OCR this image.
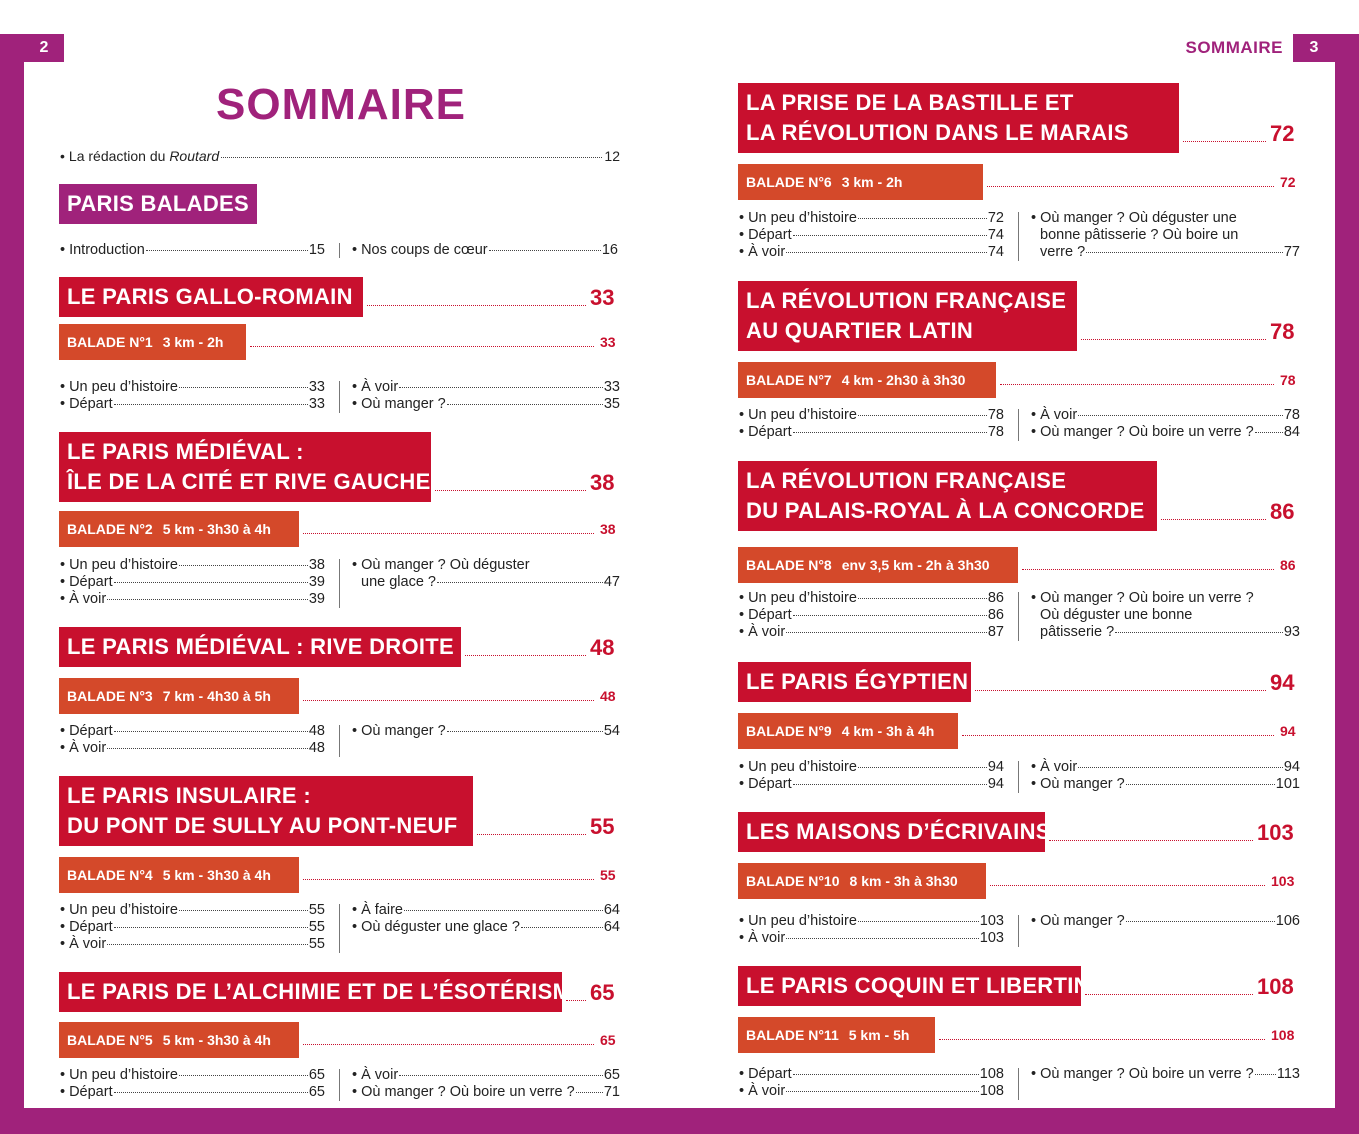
2	3
SOMMAIRE
SOMMAIRE
• La rédaction du Routard	12
PARIS BALADES
• Introduction	15 • Nos coups de cœur	16
LE PARIS GALLO-ROMAIN	33
BALADE N°1 3 km - 2h	33
• Un peu d’histoire	33
• Départ	33
• À voir	33
• Où manger ?	35
LE PARIS MÉDIÉVAL :
ÎLE DE LA CITÉ ET RIVE GAUCHE	38
BALADE N°2 5 km - 3h30 à 4h	38
• Un peu d’histoire	38
• Départ	39
• À voir	39
• Où manger ? Où déguster
une glace ?	47
LE PARIS MÉDIÉVAL : RIVE DROITE	48
BALADE N°3 7 km - 4h30 à 5h	48
• Départ	48
• À voir	48
• Où manger ?	54
LE PARIS INSULAIRE :
DU PONT DE SULLY AU PONT-NEUF	55
BALADE N°4 5 km - 3h30 à 4h	55
• Un peu d’histoire	55
• Départ	55
• À voir	55
• À faire	64
• Où déguster une glace ?	64
LE PARIS DE L’ALCHIMIE ET DE L’ÉSOTÉRISME 65
BALADE N°5 5 km - 3h30 à 4h	65
• Un peu d’histoire	65
• Départ	65
• À voir	65
• Où manger ? Où boire un verre ? 71
LA PRISE DE LA BASTILLE ET
LA RÉVOLUTION DANS LE MARAIS	72
BALADE N°6 3 km - 2h	72
• Un peu d’histoire	72
• Départ	74
• À voir	74
• Où manger ? Où déguster une
bonne pâtisserie ? Où boire un
verre ?	77
LA RÉVOLUTION FRANÇAISE
AU QUARTIER LATIN	78
BALADE N°7 4 km - 2h30 à 3h30	78
• Un peu d’histoire	78
• Départ	78
• À voir	78
• Où manger ? Où boire un verre ? 84
LA RÉVOLUTION FRANÇAISE
DU PALAIS-ROYAL À LA CONCORDE	86
BALADE N°8 env 3,5 km - 2h à 3h30	86
• Un peu d’histoire	86
• Départ	86
• À voir	87
• Où manger ? Où boire un verre ?
Où déguster une bonne
pâtisserie ?	93
LE PARIS ÉGYPTIEN	94
BALADE N°9 4 km - 3h à 4h	94
• Un peu d’histoire	94
• Départ	94
• À voir	94
• Où manger ?	101
LES MAISONS D’ÉCRIVAINS	103
BALADE N°10 8 km - 3h à 3h30	103
• Un peu d’histoire	103
• À voir	103
• Où manger ?	106
LE PARIS COQUIN ET LIBERTIN	108
BALADE N°11 5 km - 5h	108
• Départ	108
• À voir	108
• Où manger ? Où boire un verre ? 113
